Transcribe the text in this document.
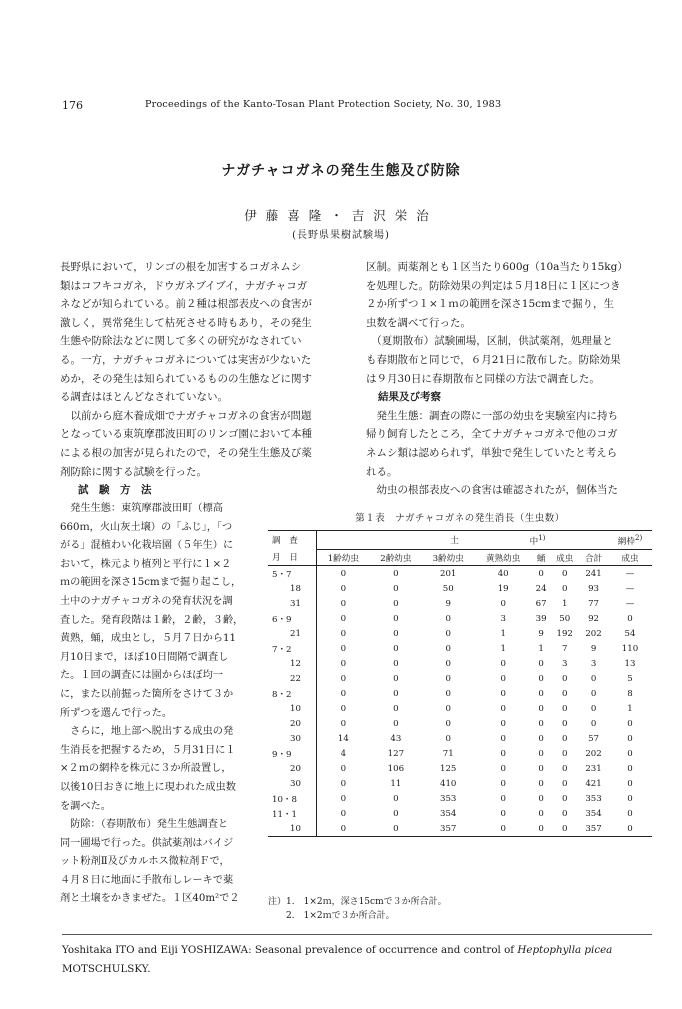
176	Proceedings of the Kanto-Tosan Plant Protection Society, No. 30, 1983
ナガチャコガネの発生生態及び防除
伊藤喜隆・吉沢栄治
(長野県果樹試験場)

長野県において，リンゴの根を加害するコガネムシ

類はコフキコガネ，ドウガネブイブイ，ナガチャコガ

ネなどが知られている。前２種は根部表皮への食害が

激しく，異常発生して枯死させる時もあり，その発生

生態や防除法などに関して多くの研究がなされてい

る。一方，ナガチャコガネについては実害が少ないた

めか，その発生は知られているものの生態などに関す

る調査はほとんどなされていない。

　以前から庭木養成畑でナガチャコガネの食害が問題

となっている東筑摩郡波田町のリンゴ園において本種

による根の加害が見られたので，その発生生態及び薬

剤防除に関する試験を行った。

試　験　方　法

　発生生態：東筑摩郡波田町（標高

660ｍ，火山灰土壌）の「ふじ」，「つ

がる」混植わい化栽培園（５年生）に

おいて，株元より植列と平行に１×２

ｍの範囲を深さ15cmまで掘り起こし，

土中のナガチャコガネの発育状況を調

査した。発育段階は１齢，２齢，３齢，

黄熟，蛹，成虫とし，５月７日から11

月10日まで，ほぼ10日間隔で調査し

た。１回の調査には園からほぼ均一

に，また以前掘った箇所をさけて３か

所ずつを選んで行った。

　さらに，地上部へ脱出する成虫の発

生消長を把握するため，５月31日に１

×２ｍの網枠を株元に３か所設置し，

以後10日おきに地上に現われた成虫数

を調べた。

　防除：（春期散布）発生生態調査と

同一圃場で行った。供試薬剤はバイジ

ット粉剤Ⅱ及びカルホス微粒剤Ｆで，

４月８日に地面に手散布しレーキで薬

剤と土壌をかきまぜた。１区40m²で２

区制。両薬剤とも１区当たり600g（10a当たり15kg）

を処理した。防除効果の判定は５月18日に１区につき

２か所ずつ１×１ｍの範囲を深さ15cmまで掘り，生

虫数を調べて行った。

　（夏期散布）試験圃場，区制，供試薬剤，処理量と

も春期散布と同じで，６月21日に散布した。防除効果

は９月30日に春期散布と同様の方法で調査した。

結果及び考察

　発生生態：調査の際に一部の幼虫を実験室内に持ち

帰り飼育したところ，全てナガチャコガネで他のコガ

ネムシ類は認められず，単独で発生していたと考えら

れる。

　幼虫の根部表皮への食害は確認されたが，個体当た

第１表　ナガチャコガネの発生消長（生虫数）
調　査	土 中$^{1)}$							網枠$^{2)}$
月　日	1齢幼虫	2齢幼虫	3齢幼虫	黄熟幼虫	蛹	成虫	合計	成虫
5・7	0	0	201	40	0	0	241	—
18	0	0	50	19	24	0	93	—
31	0	0	9	0	67	1	77	—
6・9	0	0	0	3	39	50	92	0
21	0	0	0	1	9	192	202	54
7・2	0	0	0	1	1	7	9	110
12	0	0	0	0	0	3	3	13
22	0	0	0	0	0	0	0	5
8・2	0	0	0	0	0	0	0	8
10	0	0	0	0	0	0	0	1
20	0	0	0	0	0	0	0	0
30	14	43	0	0	0	0	57	0
9・9	4	127	71	0	0	0	202	0
20	0	106	125	0	0	0	231	0
30	0	11	410	0	0	0	421	0
10・8	0	0	353	0	0	0	353	0
11・1	0	0	354	0	0	0	354	0
10	0	0	357	0	0	0	357	0

注）1.　1×2ｍ，深さ15cmで３か所合計。

　　2.　1×2ｍで３か所合計。

Yoshitaka ITO and Eiji YOSHIZAWA: Seasonal prevalence of occurrence and control of Heptophylla picea MOTSCHULSKY.
